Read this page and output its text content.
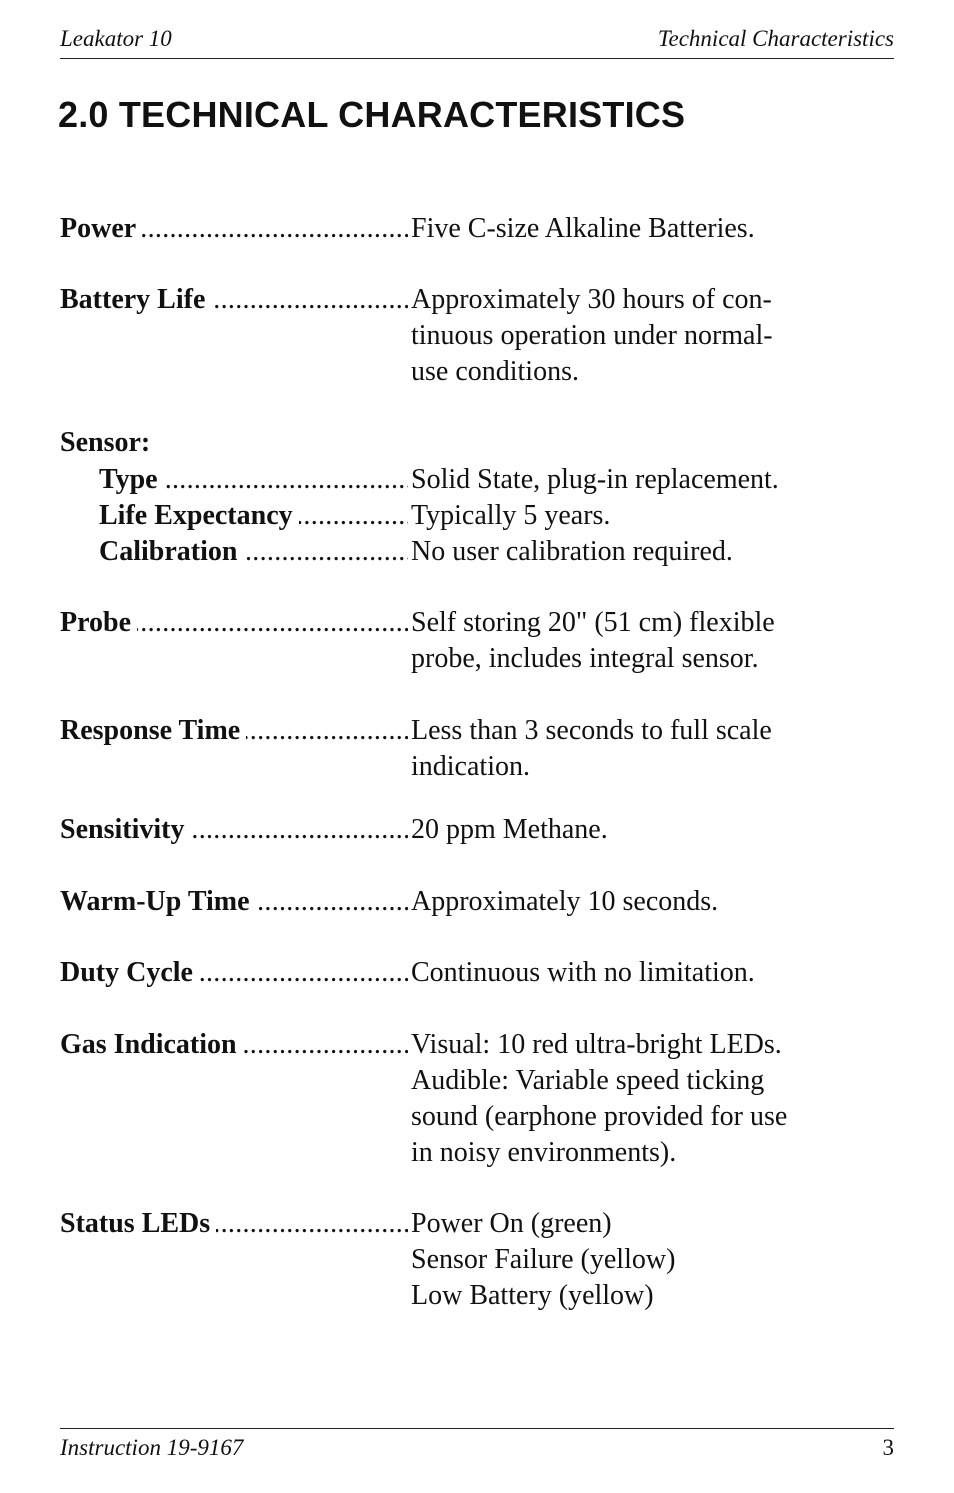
Leakator 10	Technical Characteristics
2.0 TECHNICAL CHARACTERISTICS
Power .....	Five C-size Alkaline Batteries.
Battery Life .....	Approximately 30 hours of con-
tinuous operation under normal-
use conditions.
Sensor:
Type .....	Solid State, plug-in replacement.
Life Expectancy .....	Typically 5 years.
Calibration .....	No user calibration required.
Probe .....	Self storing 20" (51 cm) flexible
probe, includes integral sensor.
Response Time .....	Less than 3 seconds to full scale
indication.
Sensitivity .....	20 ppm Methane.
Warm-Up Time .....	Approximately 10 seconds.
Duty Cycle .....	Continuous with no limitation.
Gas Indication .....	Visual: 10 red ultra-bright LEDs.
Audible: Variable speed ticking
sound (earphone provided for use
in noisy environments).
Status LEDs .....	Power On (green)
Sensor Failure (yellow)
Low Battery (yellow)
Instruction 19-9167	3
